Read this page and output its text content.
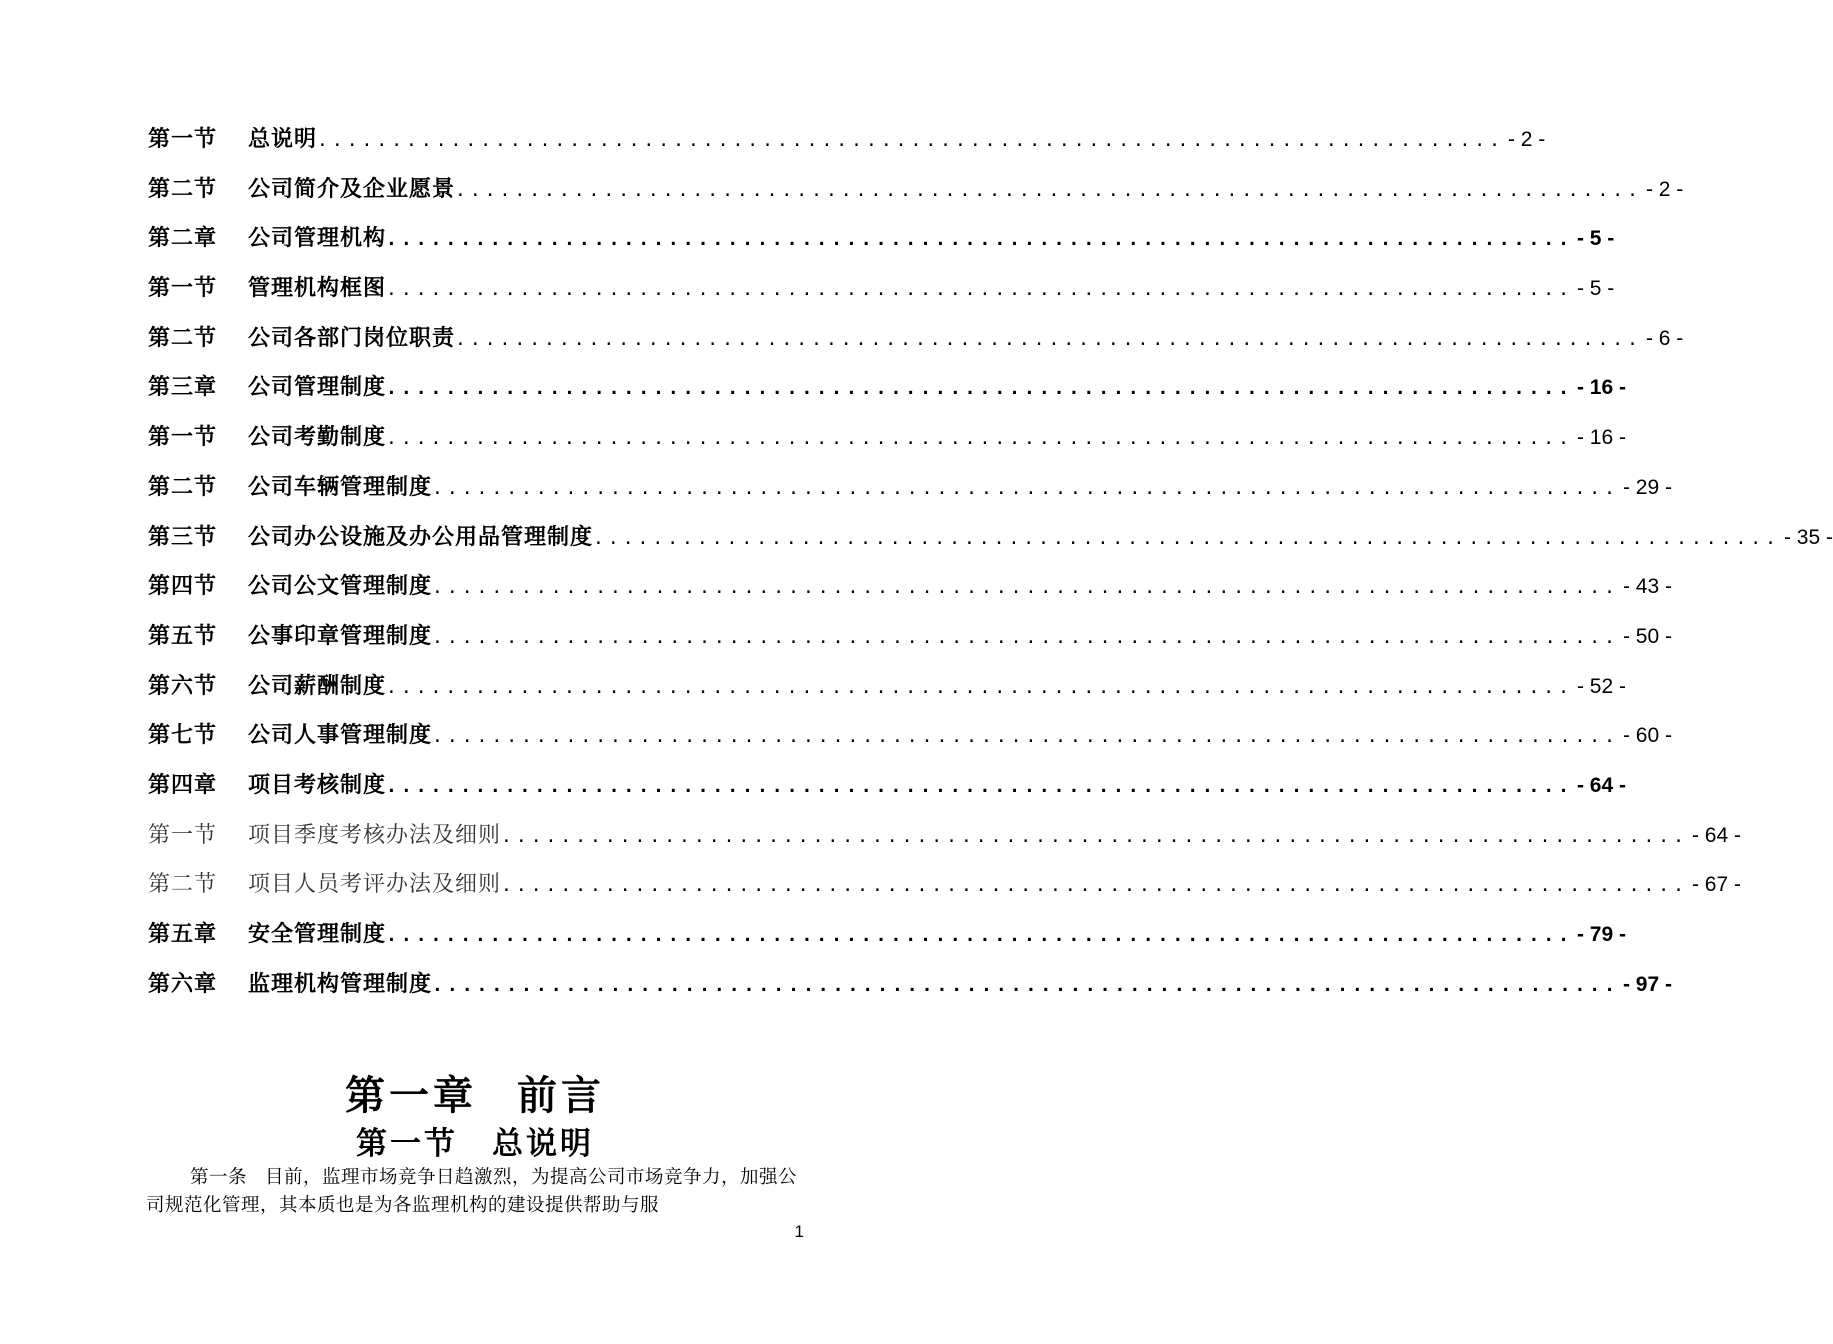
第一节	总说明 ................................................................................ - 2 -
第二节	公司简介及企业愿景 ................................................................................ - 2 -
第二章	公司管理机构 ................................................................................ - 5 -
第一节	管理机构框图 ................................................................................ - 5 -
第二节	公司各部门岗位职责 ................................................................................ - 6 -
第三章	公司管理制度 ................................................................................ - 16 -
第一节	公司考勤制度 ................................................................................ - 16 -
第二节	公司车辆管理制度 ................................................................................ - 29 -
第三节	公司办公设施及办公用品管理制度 ................................................................................ - 35 -
第四节	公司公文管理制度 ................................................................................ - 43 -
第五节	公事印章管理制度 ................................................................................ - 50 -
第六节	公司薪酬制度 ................................................................................ - 52 -
第七节	公司人事管理制度 ................................................................................ - 60 -
第四章	项目考核制度 ................................................................................ - 64 -
第一节	项目季度考核办法及细则 ................................................................................ - 64 -
第二节	项目人员考评办法及细则 ................................................................................ - 67 -
第五章	安全管理制度 ................................................................................ - 79 -
第六章	监理机构管理制度 ................................................................................ - 97 -
第一章 前言
第一节 总说明
第一条 目前，监理市场竞争日趋激烈，为提高公司市场竞争力，加强公司规范化管理，其本质也是为各监理机构的建设提供帮助与服
1
